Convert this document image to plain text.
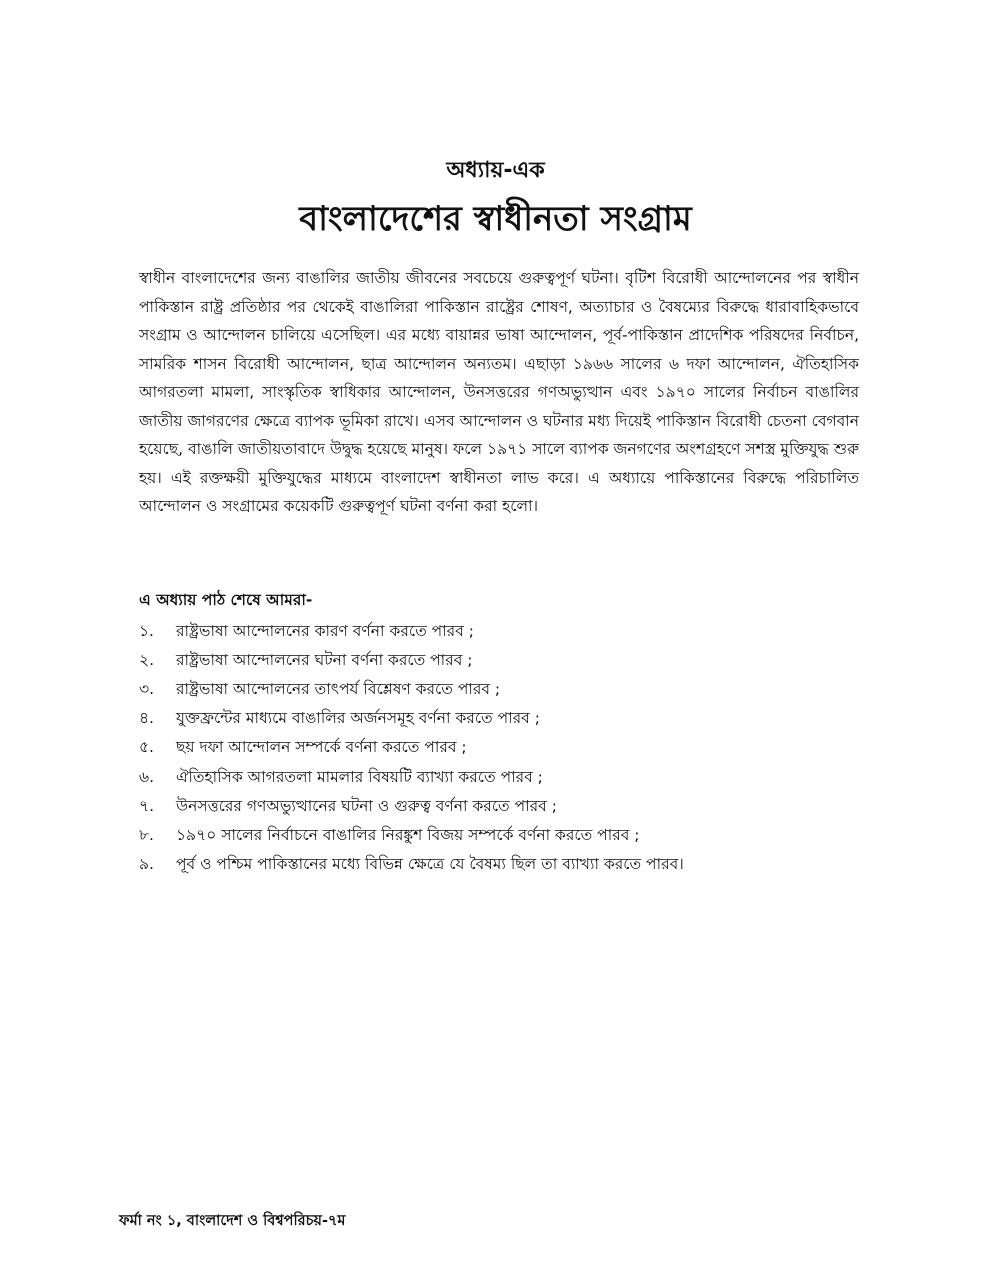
অধ্যায়-এক
বাংলাদেশের স্বাধীনতা সংগ্রাম

স্বাধীন বাংলাদেশের জন্য বাঙালির জাতীয় জীবনের সবচেয়ে গুরুত্বপূর্ণ ঘটনা। বৃটিশ বিরোধী আন্দোলনের পর স্বাধীন পাকিস্তান রাষ্ট্র প্রতিষ্ঠার পর থেকেই বাঙালিরা পাকিস্তান রাষ্ট্রের শোষণ, অত্যাচার ও বৈষম্যের বিরুদ্ধে ধারাবাহিকভাবে সংগ্রাম ও আন্দোলন চালিয়ে এসেছিল। এর মধ্যে বায়ান্নর ভাষা আন্দোলন, পূর্ব-পাকিস্তান প্রাদেশিক পরিষদের নির্বাচন, সামরিক শাসন বিরোধী আন্দোলন, ছাত্র আন্দোলন অন্যতম। এছাড়া ১৯৬৬ সালের ৬ দফা আন্দোলন, ঐতিহাসিক আগরতলা মামলা, সাংস্কৃতিক স্বাধিকার আন্দোলন, উনসত্তরের গণঅভ্যুত্থান এবং ১৯৭০ সালের নির্বাচন বাঙালির জাতীয় জাগরণের ক্ষেত্রে ব্যাপক ভূমিকা রাখে। এসব আন্দোলন ও ঘটনার মধ্য দিয়েই পাকিস্তান বিরোধী চেতনা বেগবান হয়েছে, বাঙালি জাতীয়তাবাদে উদ্বুদ্ধ হয়েছে মানুষ। ফলে ১৯৭১ সালে ব্যাপক জনগণের অংশগ্রহণে সশস্ত্র মুক্তিযুদ্ধ শুরু হয়। এই রক্তক্ষয়ী মুক্তিযুদ্ধের মাধ্যমে বাংলাদেশ স্বাধীনতা লাভ করে। এ অধ্যায়ে পাকিস্তানের বিরুদ্ধে পরিচালিত আন্দোলন ও সংগ্রামের কয়েকটি গুরুত্বপূর্ণ ঘটনা বর্ণনা করা হলো।

এ অধ্যায় পাঠ শেষে আমরা-

১.	রাষ্ট্রভাষা আন্দোলনের কারণ বর্ণনা করতে পারব ;
২.	রাষ্ট্রভাষা আন্দোলনের ঘটনা বর্ণনা করতে পারব ;
৩.	রাষ্ট্রভাষা আন্দোলনের তাৎপর্য বিশ্লেষণ করতে পারব ;
৪.	যুক্তফ্রন্টের মাধ্যমে বাঙালির অর্জনসমূহ বর্ণনা করতে পারব ;
৫.	ছয় দফা আন্দোলন সম্পর্কে বর্ণনা করতে পারব ;
৬.	ঐতিহাসিক আগরতলা মামলার বিষয়টি ব্যাখ্যা করতে পারব ;
৭.	উনসত্তরের গণঅভ্যুত্থানের ঘটনা ও গুরুত্ব বর্ণনা করতে পারব ;
৮.	১৯৭০ সালের নির্বাচনে বাঙালির নিরঙ্কুশ বিজয় সম্পর্কে বর্ণনা করতে পারব ;
৯.	পূর্ব ও পশ্চিম পাকিস্তানের মধ্যে বিভিন্ন ক্ষেত্রে যে বৈষম্য ছিল তা ব্যাখ্যা করতে পারব।
ফর্মা নং ১, বাংলাদেশ ও বিশ্বপরিচয়-৭ম
